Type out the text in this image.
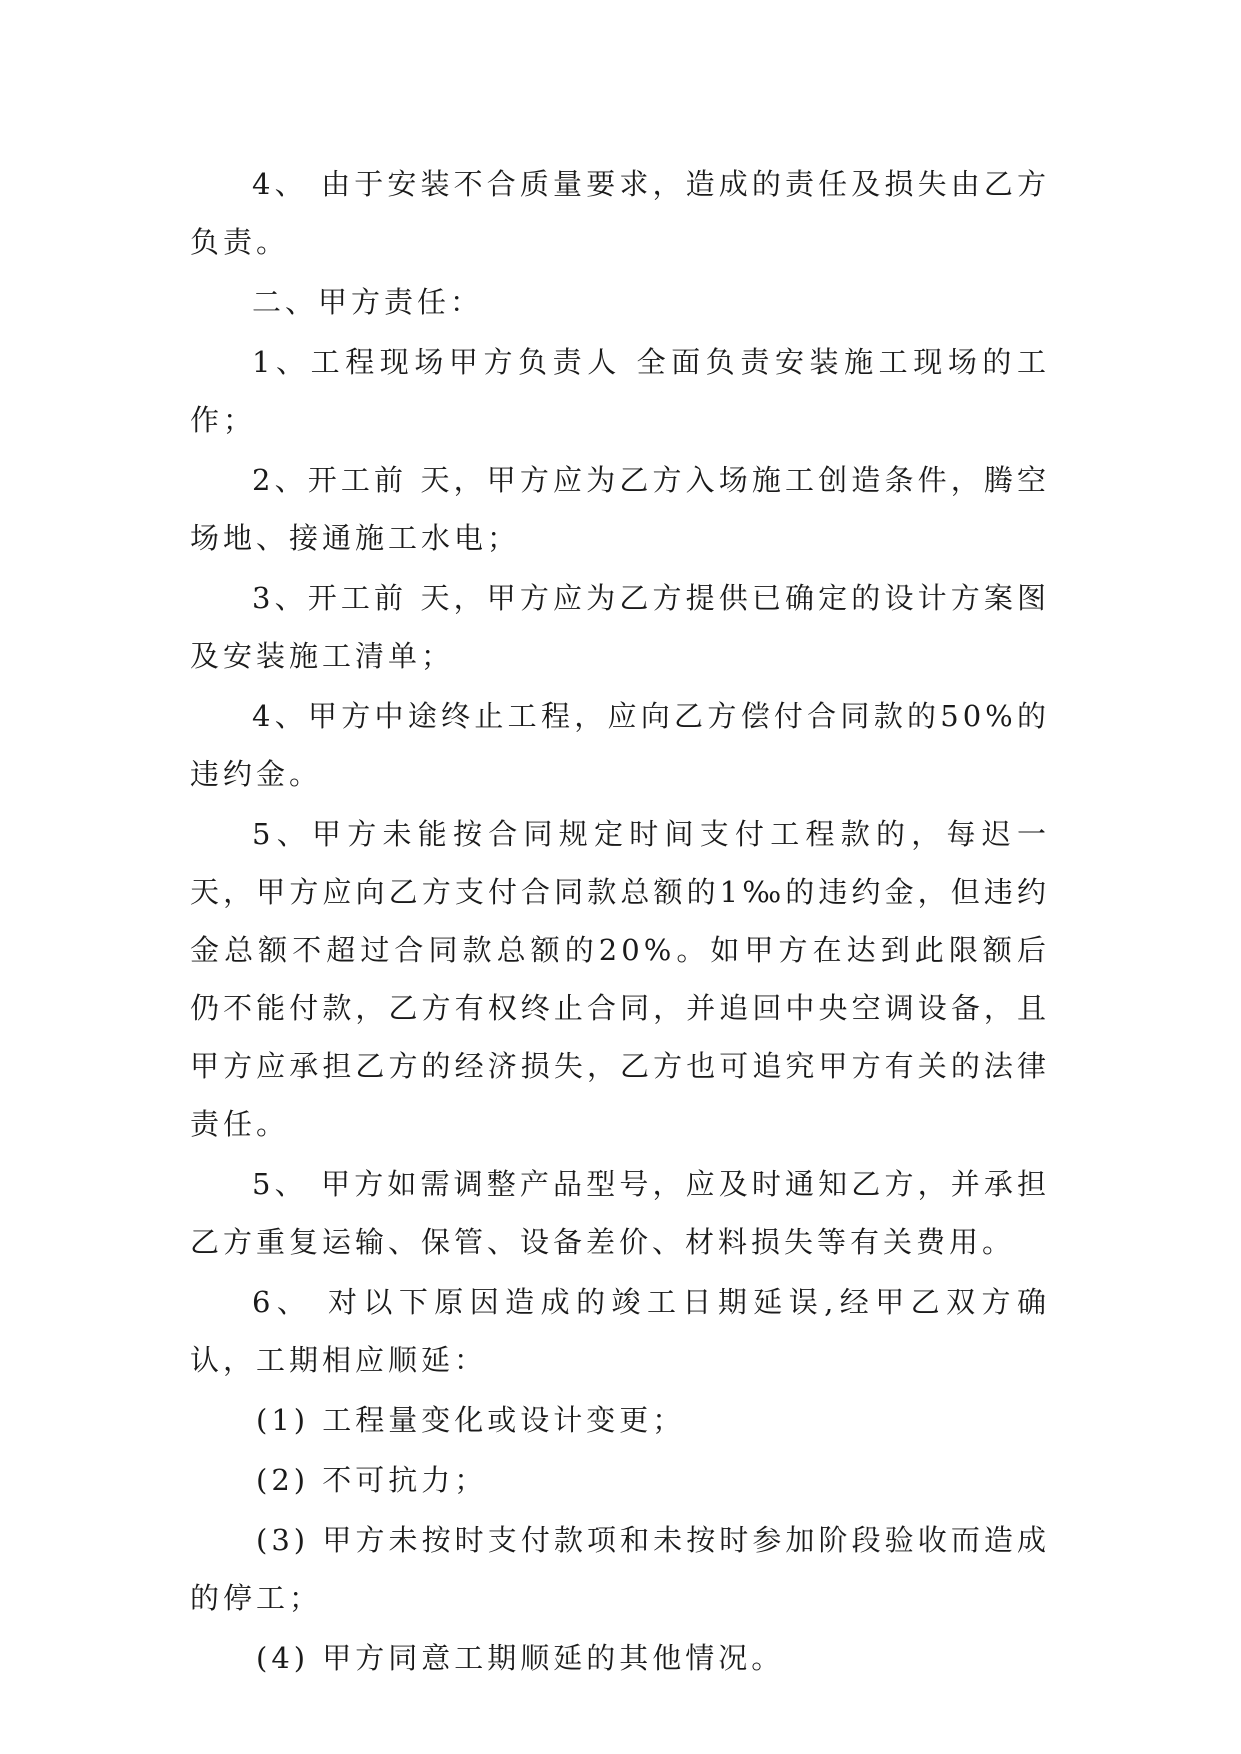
4、 由于安装不合质量要求，造成的责任及损失由乙方负责。

二、甲方责任：

1、工程现场甲方负责人 全面负责安装施工现场的工作；

2、开工前 天，甲方应为乙方入场施工创造条件，腾空场地、接通施工水电；

3、开工前 天，甲方应为乙方提供已确定的设计方案图及安装施工清单；

4、甲方中途终止工程，应向乙方偿付合同款的50%的违约金。

5、甲方未能按合同规定时间支付工程款的，每迟一天，甲方应向乙方支付合同款总额的1‰的违约金，但违约金总额不超过合同款总额的20%。如甲方在达到此限额后仍不能付款，乙方有权终止合同，并追回中央空调设备，且甲方应承担乙方的经济损失，乙方也可追究甲方有关的法律责任。

5、 甲方如需调整产品型号，应及时通知乙方，并承担乙方重复运输、保管、设备差价、材料损失等有关费用。

6、 对以下原因造成的竣工日期延误,经甲乙双方确认，工期相应顺延：

(1) 工程量变化或设计变更；

(2) 不可抗力；

(3) 甲方未按时支付款项和未按时参加阶段验收而造成的停工；

(4) 甲方同意工期顺延的其他情况。
